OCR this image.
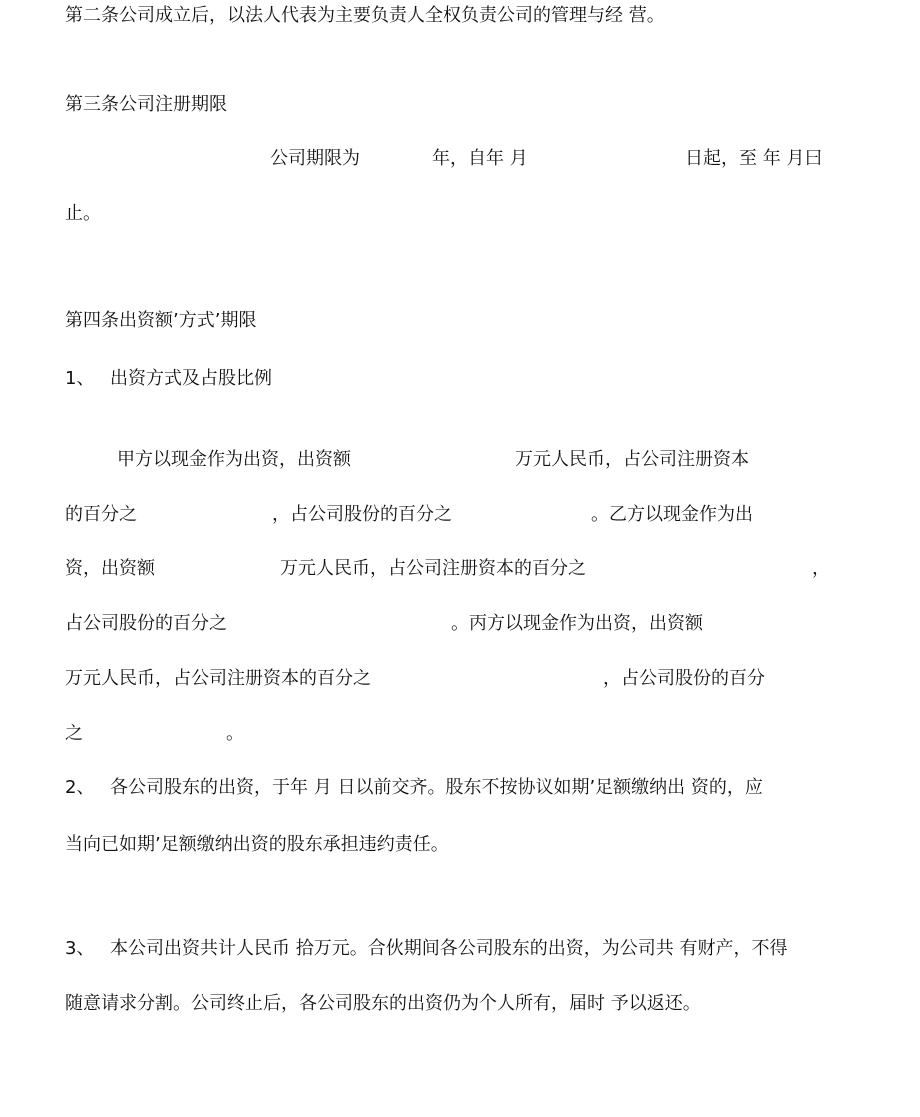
第二条公司成立后，以法人代表为主要负责人全权负责公司的管理与经 营。
第三条公司注册期限
公司期限为	年，自年 月	日起，至 年 月曰
止。
第四条出资额’方式’期限
1、 出资方式及占股比例
甲方以现金作为出资，出资额	万元人民币，占公司注册资本
的百分之	，占公司股份的百分之	。乙方以现金作为出
资，出资额	万元人民币，占公司注册资本的百分之	，
占公司股份的百分之	。丙方以现金作为出资，出资额
万元人民币，占公司注册资本的百分之	，占公司股份的百分
之	。
2、 各公司股东的出资，于年 月 日以前交齐。股东不按协议如期’足额缴纳出 资的，应
当向已如期’足额缴纳出资的股东承担违约责任。
3、 本公司出资共计人民币 拾万元。合伙期间各公司股东的出资，为公司共 有财产，不得
随意请求分割。公司终止后，各公司股东的出资仍为个人所有，届时 予以返还。
